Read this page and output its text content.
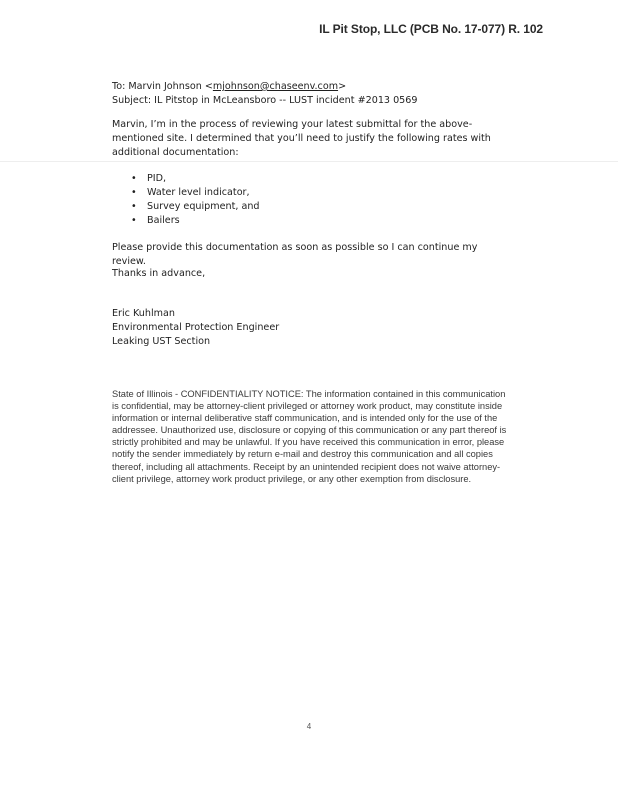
IL Pit Stop, LLC (PCB No. 17-077) R. 102
To: Marvin Johnson <mjohnson@chaseenv.com>
Subject: IL Pitstop in McLeansboro -- LUST incident #2013 0569
Marvin, I’m in the process of reviewing your latest submittal for the above-mentioned site. I determined that you’ll need to justify the following rates with additional documentation:
• PID,
• Water level indicator,
• Survey equipment, and
• Bailers
Please provide this documentation as soon as possible so I can continue my review.
Thanks in advance,
Eric Kuhlman
Environmental Protection Engineer
Leaking UST Section
State of Illinois - CONFIDENTIALITY NOTICE: The information contained in this communication is confidential, may be attorney-client privileged or attorney work product, may constitute inside information or internal deliberative staff communication, and is intended only for the use of the addressee. Unauthorized use, disclosure or copying of this communication or any part thereof is strictly prohibited and may be unlawful. If you have received this communication in error, please notify the sender immediately by return e-mail and destroy this communication and all copies thereof, including all attachments. Receipt by an unintended recipient does not waive attorney-client privilege, attorney work product privilege, or any other exemption from disclosure.
4
